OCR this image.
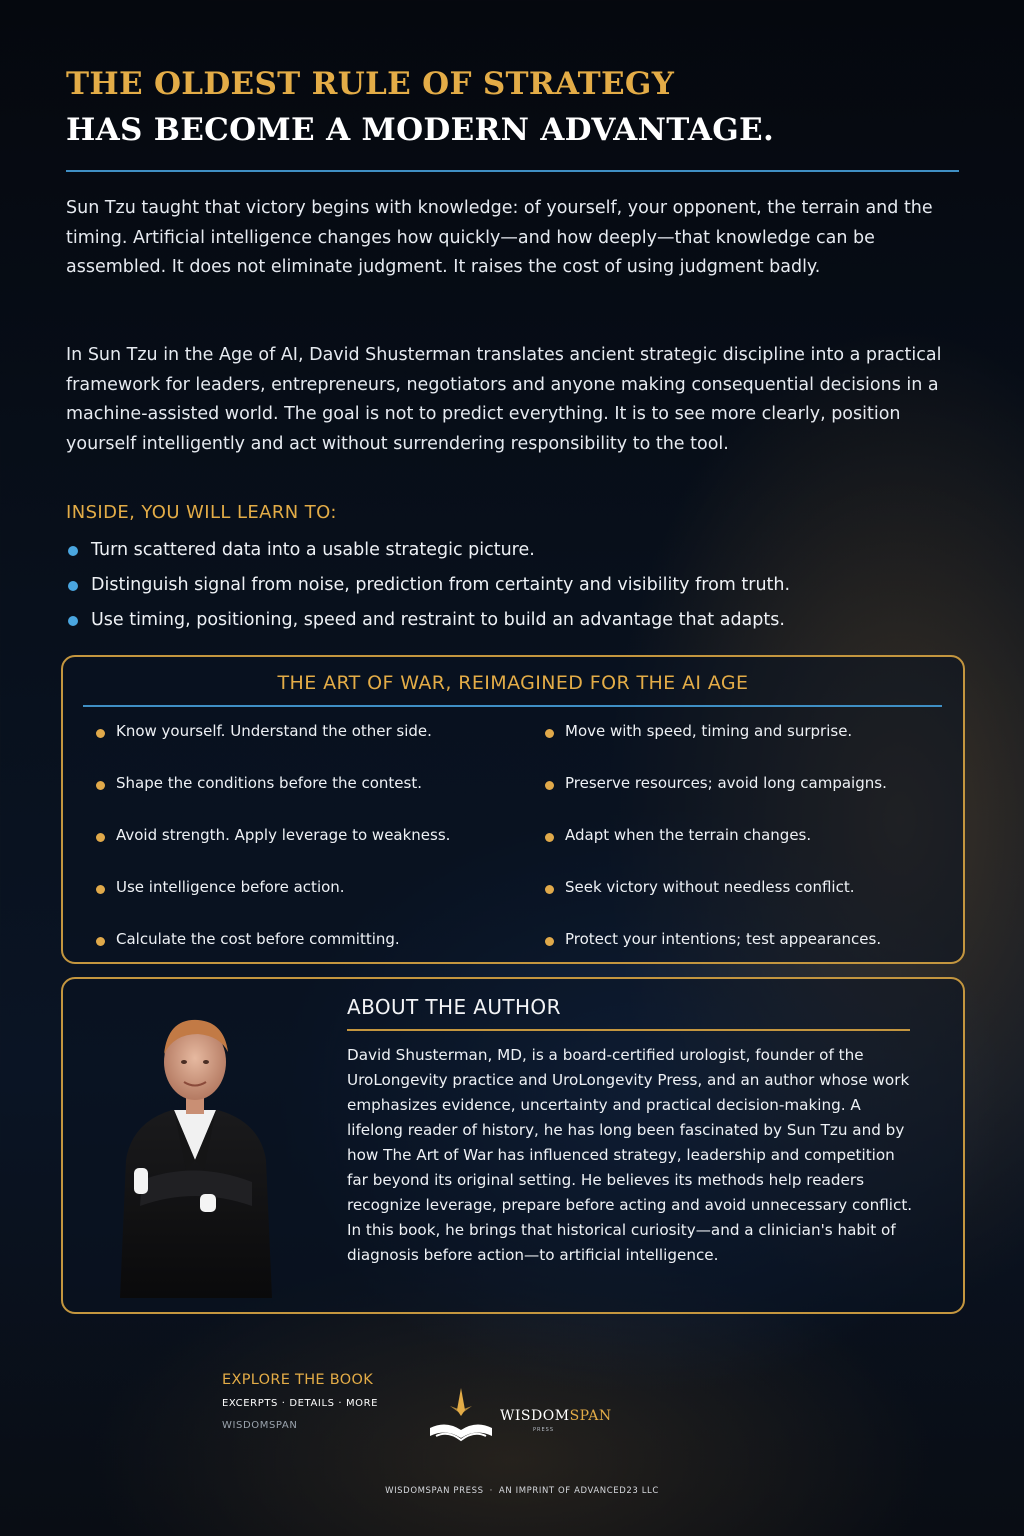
THE OLDEST RULE OF STRATEGY
HAS BECOME A MODERN ADVANTAGE.
Sun Tzu taught that victory begins with knowledge: of yourself, your opponent, the terrain and the timing. Artificial intelligence changes how quickly—and how deeply—that knowledge can be assembled. It does not eliminate judgment. It raises the cost of using judgment badly.
In Sun Tzu in the Age of AI, David Shusterman translates ancient strategic discipline into a practical framework for leaders, entrepreneurs, negotiators and anyone making consequential decisions in a machine-assisted world. The goal is not to predict everything. It is to see more clearly, position yourself intelligently and act without surrendering responsibility to the tool.
INSIDE, YOU WILL LEARN TO:
Turn scattered data into a usable strategic picture.
Distinguish signal from noise, prediction from certainty and visibility from truth.
Use timing, positioning, speed and restraint to build an advantage that adapts.
THE ART OF WAR, REIMAGINED FOR THE AI AGE
Know yourself. Understand the other side.
Shape the conditions before the contest.
Avoid strength. Apply leverage to weakness.
Use intelligence before action.
Calculate the cost before committing.
Move with speed, timing and surprise.
Preserve resources; avoid long campaigns.
Adapt when the terrain changes.
Seek victory without needless conflict.
Protect your intentions; test appearances.
ABOUT THE AUTHOR
David Shusterman, MD, is a board-certified urologist, founder of the UroLongevity practice and UroLongevity Press, and an author whose work emphasizes evidence, uncertainty and practical decision-making. A lifelong reader of history, he has long been fascinated by Sun Tzu and by how The Art of War has influenced strategy, leadership and competition far beyond its original setting. He believes its methods help readers recognize leverage, prepare before acting and avoid unnecessary conflict. In this book, he brings that historical curiosity—and a clinician's habit of diagnosis before action—to artificial intelligence.
EXPLORE THE BOOK
EXCERPTS · DETAILS · MORE
WISDOMSPAN
WISDOMSPAN
PRESS
WISDOMSPAN PRESS · AN IMPRINT OF ADVANCED23 LLC
